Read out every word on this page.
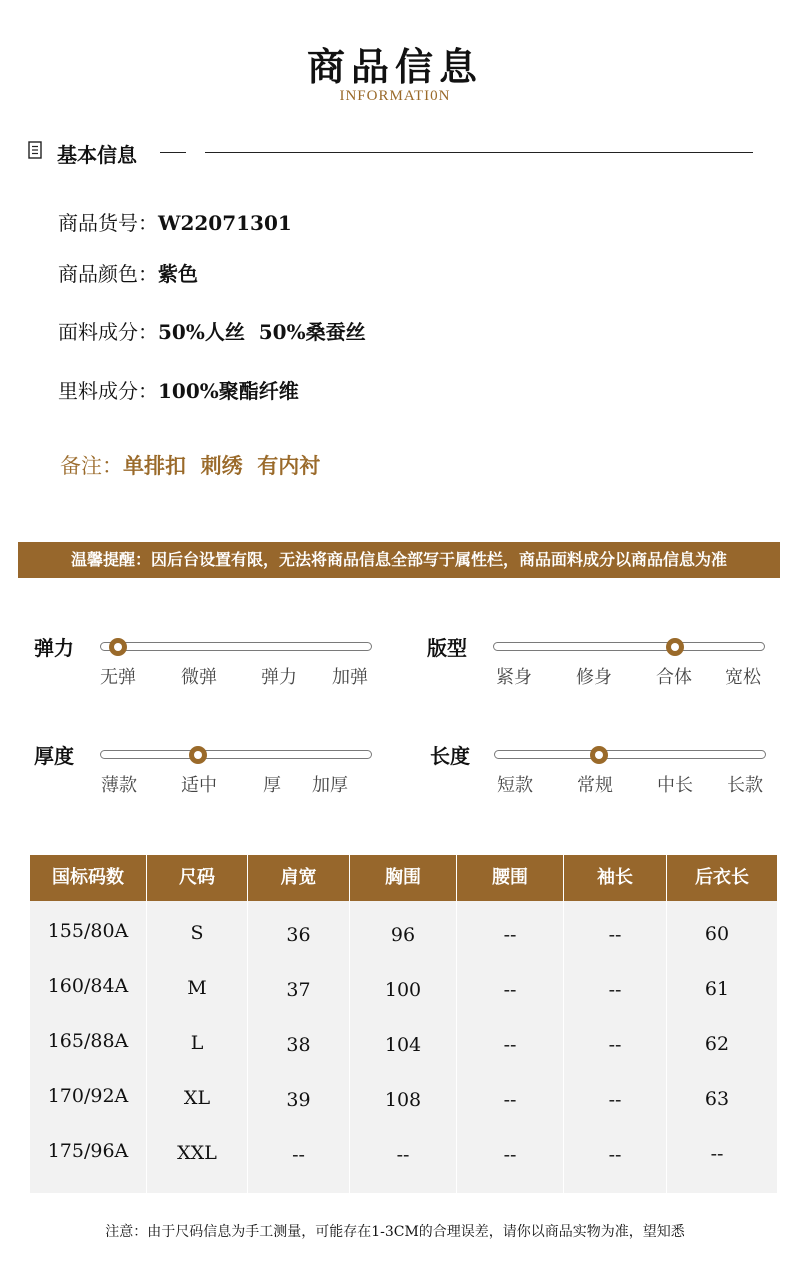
商品信息
INFORMATI0N
基本信息
商品货号：W22071301
商品颜色：紫色
面料成分：50%人丝  50%桑蚕丝
里料成分：100%聚酯纤维
备注：单排扣  刺绣  有内衬
温馨提醒：因后台设置有限，无法将商品信息全部写于属性栏，商品面料成分以商品信息为准
弹力
无弹	微弹 弹力 加弹
版型
紧身 修身 合体 宽松
厚度
薄款 适中	厚 加厚
长度
短款 常规 中长 长款
国标码数	尺码	肩宽	胸围	腰围	袖长	后衣长
155/80A	S	36	96	--	--	60
160/84A	M	37	100	--	--	61
165/88A	L	38	104	--	--	62
170/92A	XL	39	108	--	--	63
175/96A	XXL	--	--	--	--	--
注意：由于尺码信息为手工测量，可能存在1-3CM的合理误差，请你以商品实物为准，望知悉
